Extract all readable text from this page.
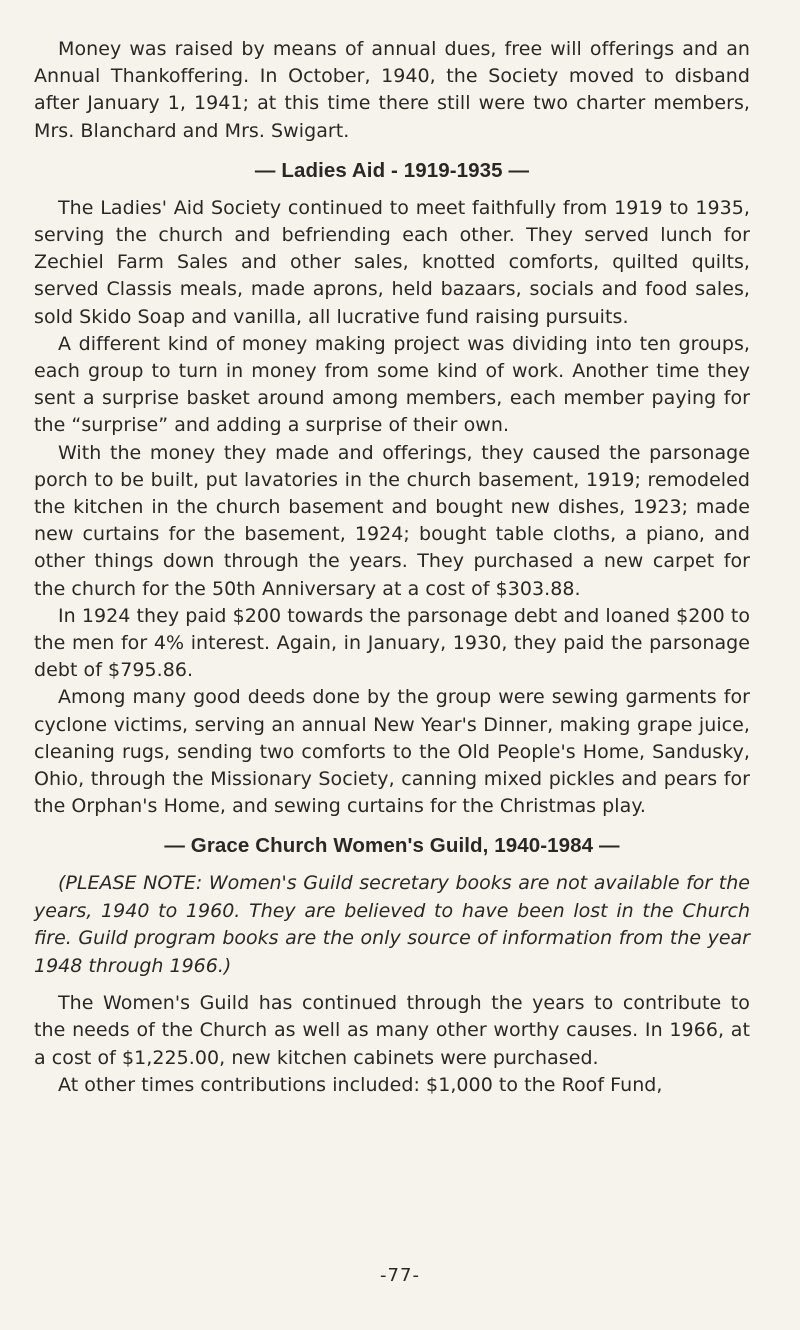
Money was raised by means of annual dues, free will offerings and an Annual Thankoffering. In October, 1940, the Society moved to disband after January 1, 1941; at this time there still were two charter members, Mrs. Blanchard and Mrs. Swigart.

— Ladies Aid - 1919-1935 —

The Ladies' Aid Society continued to meet faithfully from 1919 to 1935, serving the church and befriending each other. They served lunch for Zechiel Farm Sales and other sales, knotted comforts, quilted quilts, served Classis meals, made aprons, held bazaars, socials and food sales, sold Skido Soap and vanilla, all lucrative fund raising pursuits.

A different kind of money making project was dividing into ten groups, each group to turn in money from some kind of work. Another time they sent a surprise basket around among members, each member paying for the “surprise” and adding a surprise of their own.

With the money they made and offerings, they caused the parsonage porch to be built, put lavatories in the church basement, 1919; remodeled the kitchen in the church basement and bought new dishes, 1923; made new curtains for the basement, 1924; bought table cloths, a piano, and other things down through the years. They purchased a new carpet for the church for the 50th Anniversary at a cost of $303.88.

In 1924 they paid $200 towards the parsonage debt and loaned $200 to the men for 4% interest. Again, in January, 1930, they paid the parsonage debt of $795.86.

Among many good deeds done by the group were sewing garments for cyclone victims, serving an annual New Year's Dinner, making grape juice, cleaning rugs, sending two comforts to the Old People's Home, Sandusky, Ohio, through the Missionary Society, canning mixed pickles and pears for the Orphan's Home, and sewing curtains for the Christmas play.

— Grace Church Women's Guild, 1940-1984 —

(PLEASE NOTE: Women's Guild secretary books are not available for the years, 1940 to 1960. They are believed to have been lost in the Church fire. Guild program books are the only source of information from the year 1948 through 1966.)

The Women's Guild has continued through the years to contribute to the needs of the Church as well as many other worthy causes. In 1966, at a cost of $1,225.00, new kitchen cabinets were purchased.

At other times contributions included: $1,000 to the Roof Fund,

-77-
